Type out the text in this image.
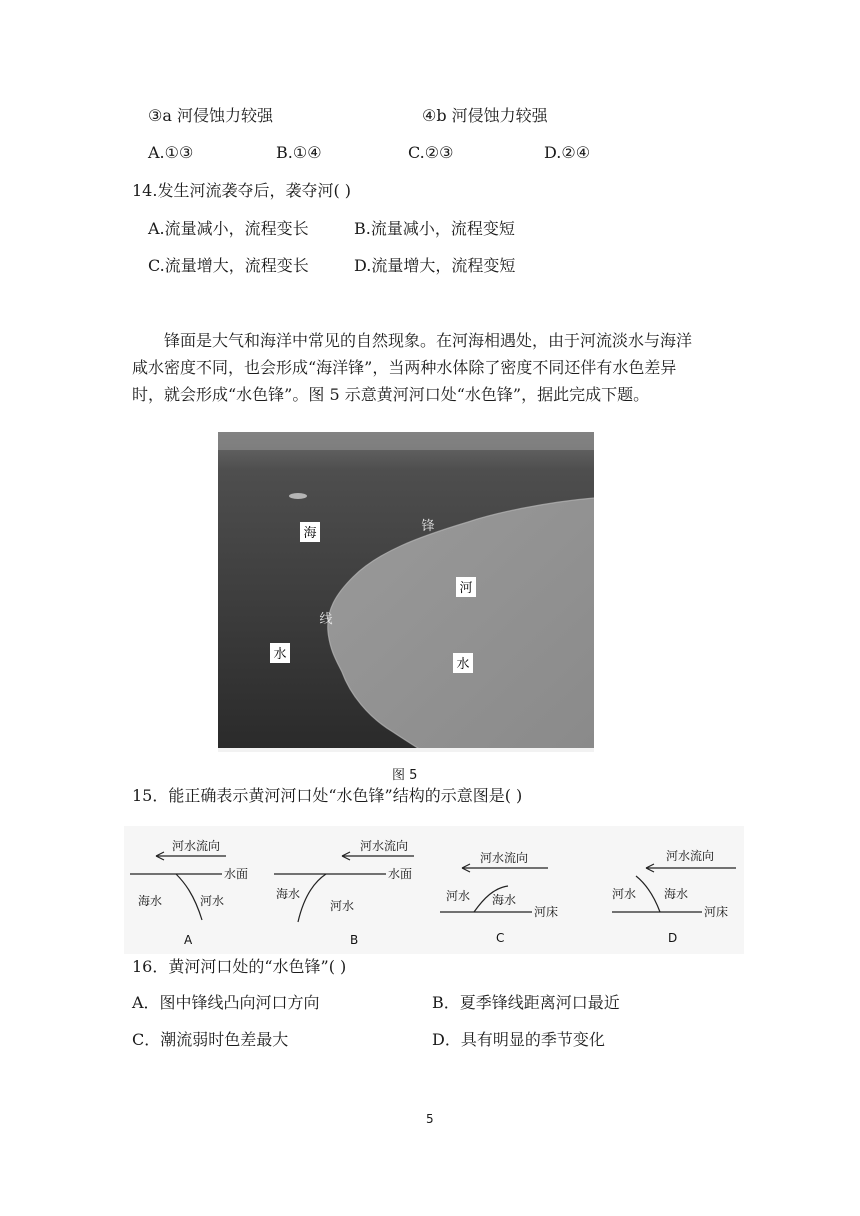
③a 河侵蚀力较强	④b 河侵蚀力较强
A.①③	B.①④	C.②③	D.②④
14.发生河流袭夺后，袭夺河( )
A.流量减小，流程变长	B.流量减小，流程变短
C.流量增大，流程变长	D.流量增大，流程变短
锋面是大气和海洋中常见的自然现象。在河海相遇处，由于河流淡水与海洋
咸水密度不同，也会形成“海洋锋”，当两种水体除了密度不同还伴有水色差异
时，就会形成“水色锋”。图 5 示意黄河河口处“水色锋”，据此完成下题。
海	锋
河
线
水
水
图 5
15．能正确表示黄河河口处“水色锋”结构的示意图是( )
河水流向
水面
海水	河水
A
河水流向
水面
海水
河水
B
河水流向
河水 海水
河床
C
河水流向
河水 海水
河床
D
16．黄河河口处的“水色锋”( )
A．图中锋线凸向河口方向	B．夏季锋线距离河口最近
C．潮流弱时色差最大	D．具有明显的季节变化
5
